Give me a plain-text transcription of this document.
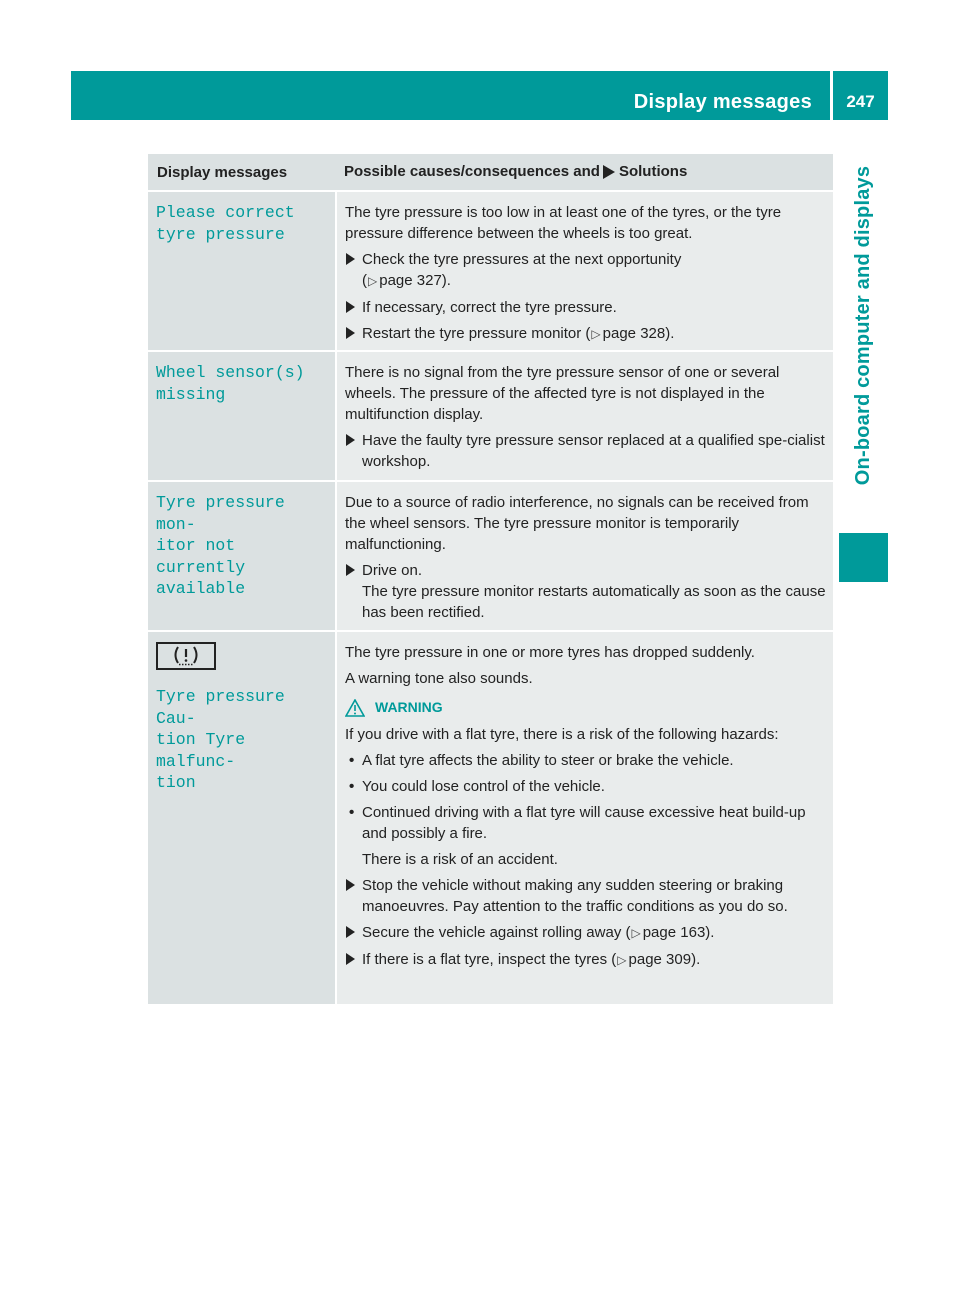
Display messages	247
On-board computer and displays
Display messages	Possible causes/consequences and Solutions
Please correct
tyre pressure

The tyre pressure is too low in at least one of the tyres, or the tyre pressure difference between the wheels is too great.

Check the tyre pressures at the next opportunity
(▷ page 327).
If necessary, correct the tyre pressure.
Restart the tyre pressure monitor (▷ page 328).
Wheel sensor(s)
missing

There is no signal from the tyre pressure sensor of one or several wheels. The pressure of the affected tyre is not displayed in the multifunction display.

Have the faulty tyre pressure sensor replaced at a qualified spe-cialist workshop.
Tyre pressure mon‑
itor not currently
available

Due to a source of radio interference, no signals can be received from the wheel sensors. The tyre pressure monitor is temporarily malfunctioning.

Drive on.
The tyre pressure monitor restarts automatically as soon as the cause has been rectified.
Tyre pressure Cau‑
tion Tyre malfunc‑
tion

The tyre pressure in one or more tyres has dropped suddenly.

A warning tone also sounds.

WARNING

If you drive with a flat tyre, there is a risk of the following hazards:

• A flat tyre affects the ability to steer or brake the vehicle.
• You could lose control of the vehicle.
• Continued driving with a flat tyre will cause excessive heat build-up and possibly a fire.
There is a risk of an accident.
Stop the vehicle without making any sudden steering or braking manoeuvres. Pay attention to the traffic conditions as you do so.
Secure the vehicle against rolling away (▷ page 163).
If there is a flat tyre, inspect the tyres (▷ page 309).
